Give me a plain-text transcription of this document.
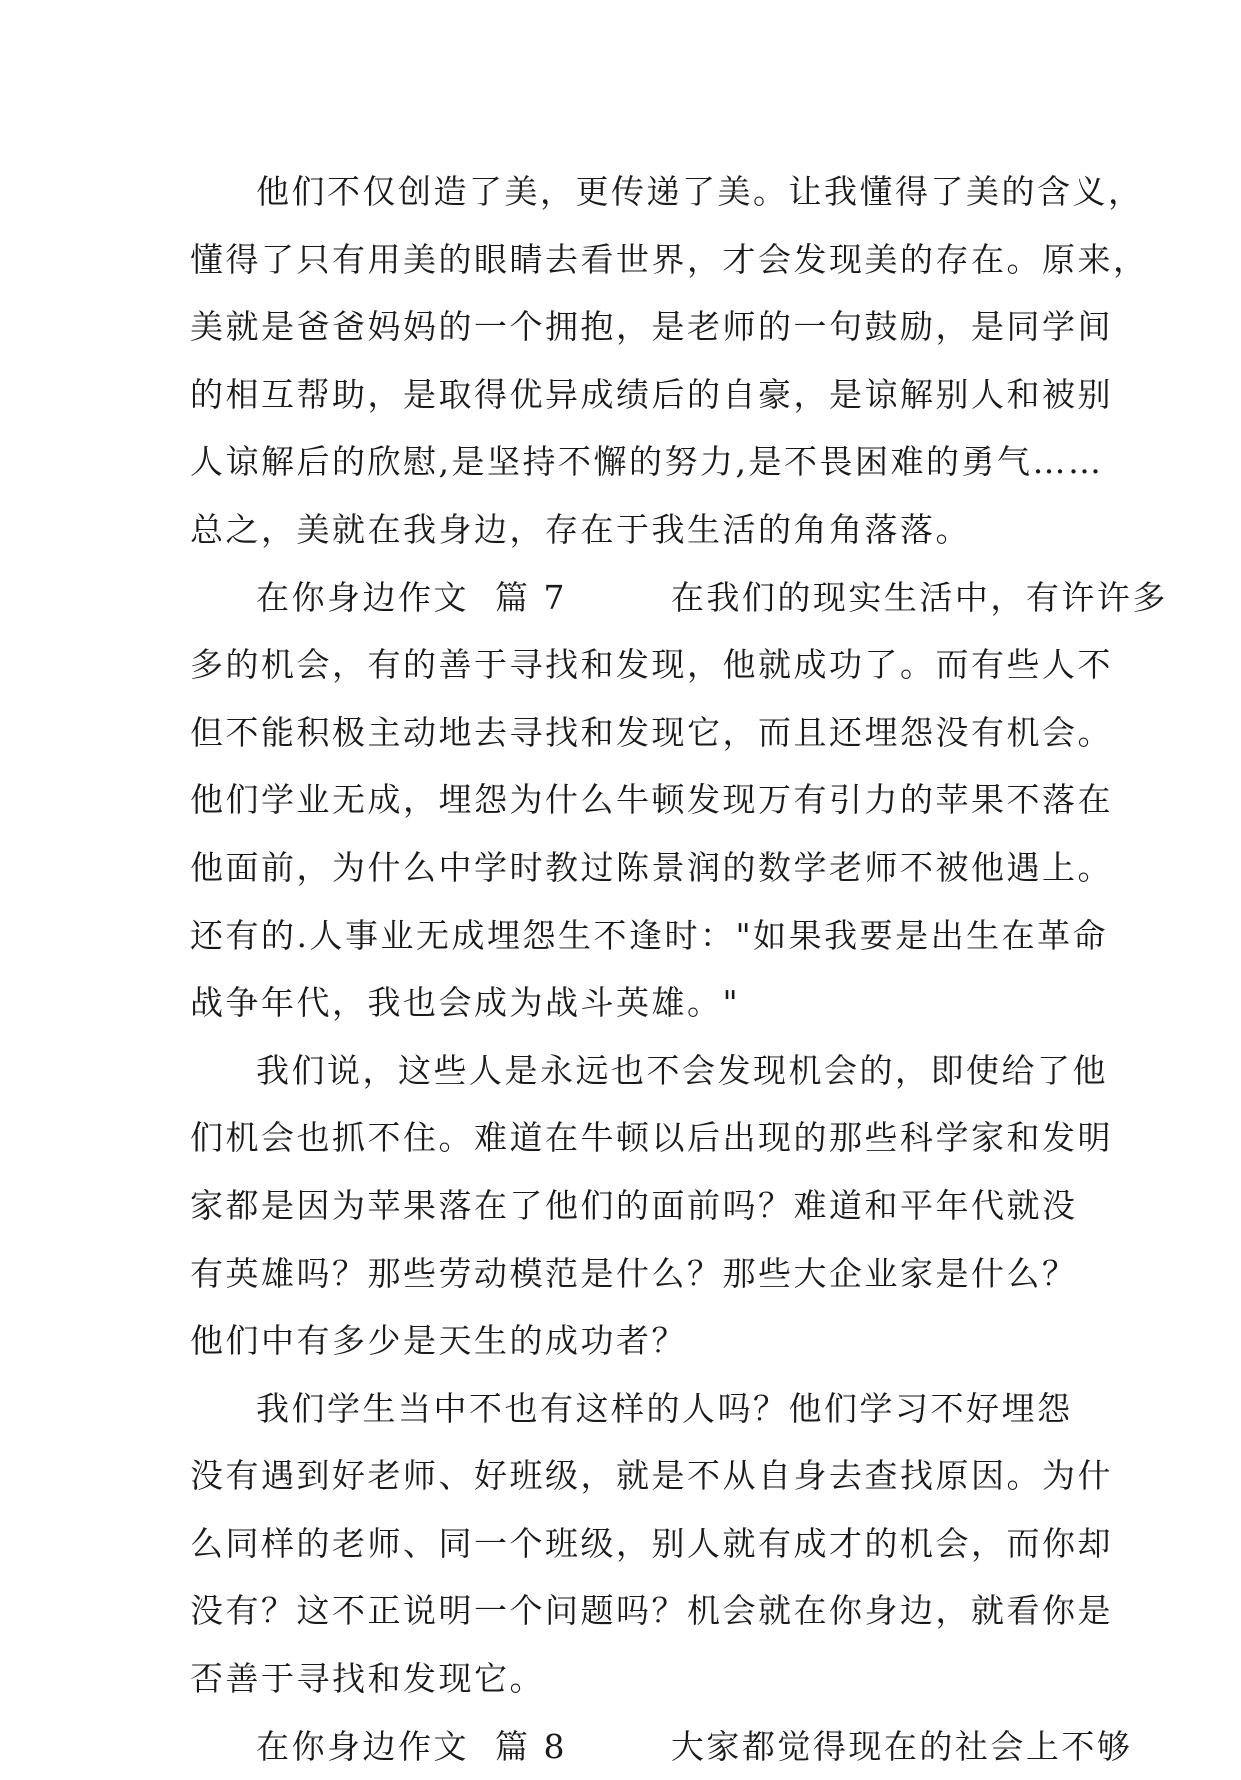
他们不仅创造了美，更传递了美。让我懂得了美的含义，
懂得了只有用美的眼睛去看世界，才会发现美的存在。原来，
美就是爸爸妈妈的一个拥抱，是老师的一句鼓励，是同学间
的相互帮助，是取得优异成绩后的自豪，是谅解别人和被别
人谅解后的欣慰,是坚持不懈的努力,是不畏困难的勇气……
总之，美就在我身边，存在于我生活的角角落落。
在你身边作文  篇 7        在我们的现实生活中，有许许多
多的机会，有的善于寻找和发现，他就成功了。而有些人不
但不能积极主动地去寻找和发现它，而且还埋怨没有机会。
他们学业无成，埋怨为什么牛顿发现万有引力的苹果不落在
他面前，为什么中学时教过陈景润的数学老师不被他遇上。
还有的.人事业无成埋怨生不逢时："如果我要是出生在革命
战争年代，我也会成为战斗英雄。"
我们说，这些人是永远也不会发现机会的，即使给了他
们机会也抓不住。难道在牛顿以后出现的那些科学家和发明
家都是因为苹果落在了他们的面前吗？难道和平年代就没
有英雄吗？那些劳动模范是什么？那些大企业家是什么？
他们中有多少是天生的成功者？
我们学生当中不也有这样的人吗？他们学习不好埋怨
没有遇到好老师、好班级，就是不从自身去查找原因。为什
么同样的老师、同一个班级，别人就有成才的机会，而你却
没有？这不正说明一个问题吗？机会就在你身边，就看你是
否善于寻找和发现它。
在你身边作文  篇 8        大家都觉得现在的社会上不够
